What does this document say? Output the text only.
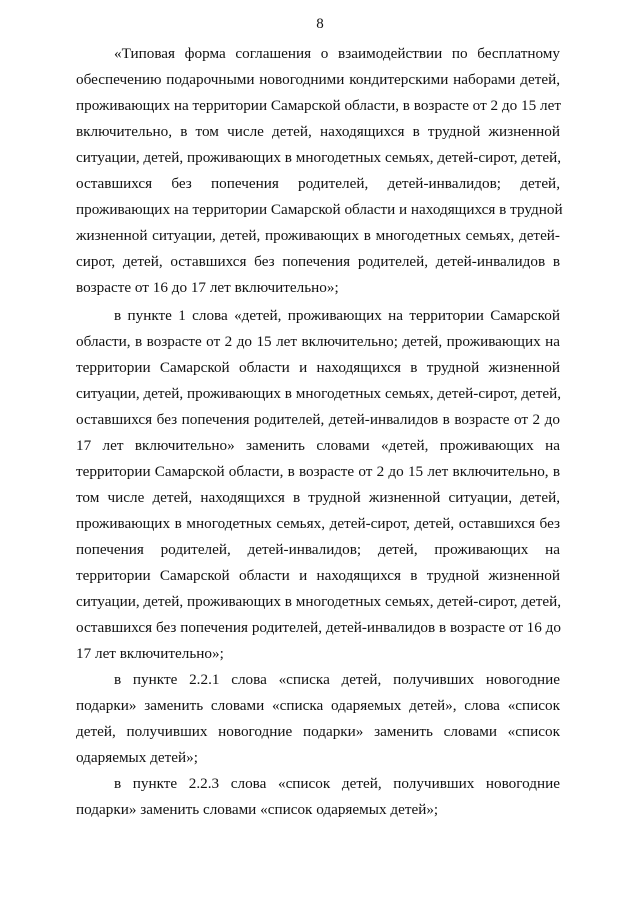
8
«Типовая форма соглашения о взаимодействии по бесплатному
обеспечению подарочными новогодними кондитерскими наборами детей,
проживающих на территории Самарской области, в возрасте от 2 до 15 лет
включительно, в том числе детей, находящихся в трудной жизненной
ситуации, детей, проживающих в многодетных семьях, детей-сирот, детей,
оставшихся без попечения родителей, детей-инвалидов; детей,
проживающих на территории Самарской области и находящихся в трудной
жизненной ситуации, детей, проживающих в многодетных семьях, детей-
сирот, детей, оставшихся без попечения родителей, детей-инвалидов в
возрасте от 16 до 17 лет включительно»;
в пункте 1 слова «детей, проживающих на территории Самарской
области, в возрасте от 2 до 15 лет включительно; детей, проживающих на
территории Самарской области и находящихся в трудной жизненной
ситуации, детей, проживающих в многодетных семьях, детей-сирот, детей,
оставшихся без попечения родителей, детей-инвалидов в возрасте от 2 до
17 лет включительно» заменить словами «детей, проживающих на
территории Самарской области, в возрасте от 2 до 15 лет включительно, в
том числе детей, находящихся в трудной жизненной ситуации, детей,
проживающих в многодетных семьях, детей-сирот, детей, оставшихся без
попечения родителей, детей-инвалидов; детей, проживающих на
территории Самарской области и находящихся в трудной жизненной
ситуации, детей, проживающих в многодетных семьях, детей-сирот, детей,
оставшихся без попечения родителей, детей-инвалидов в возрасте от 16 до
17 лет включительно»;
в пункте 2.2.1 слова «списка детей, получивших новогодние
подарки» заменить словами «списка одаряемых детей», слова «список
детей, получивших новогодние подарки» заменить словами «список
одаряемых детей»;
в пункте 2.2.3 слова «список детей, получивших новогодние
подарки» заменить словами «список одаряемых детей»;
